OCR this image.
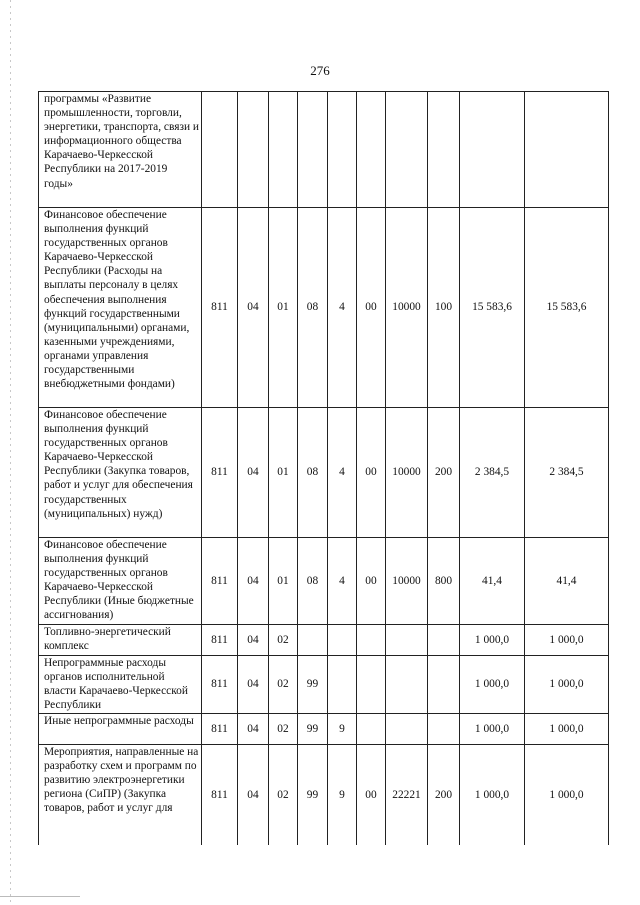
276
программы «Развитие промышленности, торговли, энергетики, транспорта, связи и информационного общества Карачаево-Черкесской Республики на 2017-2019 годы»										
Финансовое обеспечение выполнения функций государственных органов Карачаево-Черкесской Республики (Расходы на выплаты персоналу в целях обеспечения выполнения функций государственными (муниципальными) органами, казенными учреждениями, органами управления государственными внебюджетными фондами)	811	04	01	08	4	00	10000	100	15 583,6	15 583,6
Финансовое обеспечение выполнения функций государственных органов Карачаево-Черкесской Республики (Закупка товаров, работ и услуг для обеспечения государственных (муниципальных) нужд)	811	04	01	08	4	00	10000	200	2 384,5	2 384,5
Финансовое обеспечение выполнения функций государственных органов Карачаево-Черкесской Республики (Иные бюджетные ассигнования)	811	04	01	08	4	00	10000	800	41,4	41,4
Топливно-энергетический комплекс	811	04	02						1 000,0	1 000,0
Непрограммные расходы органов исполнительной власти Карачаево-Черкесской Республики	811	04	02	99					1 000,0	1 000,0
Иные непрограммные расходы	811	04	02	99	9				1 000,0	1 000,0
Мероприятия, направленные на разработку схем и программ по развитию электроэнергетики региона (СиПР) (Закупка товаров, работ и услуг для	811	04	02	99	9	00	22221	200	1 000,0	1 000,0
